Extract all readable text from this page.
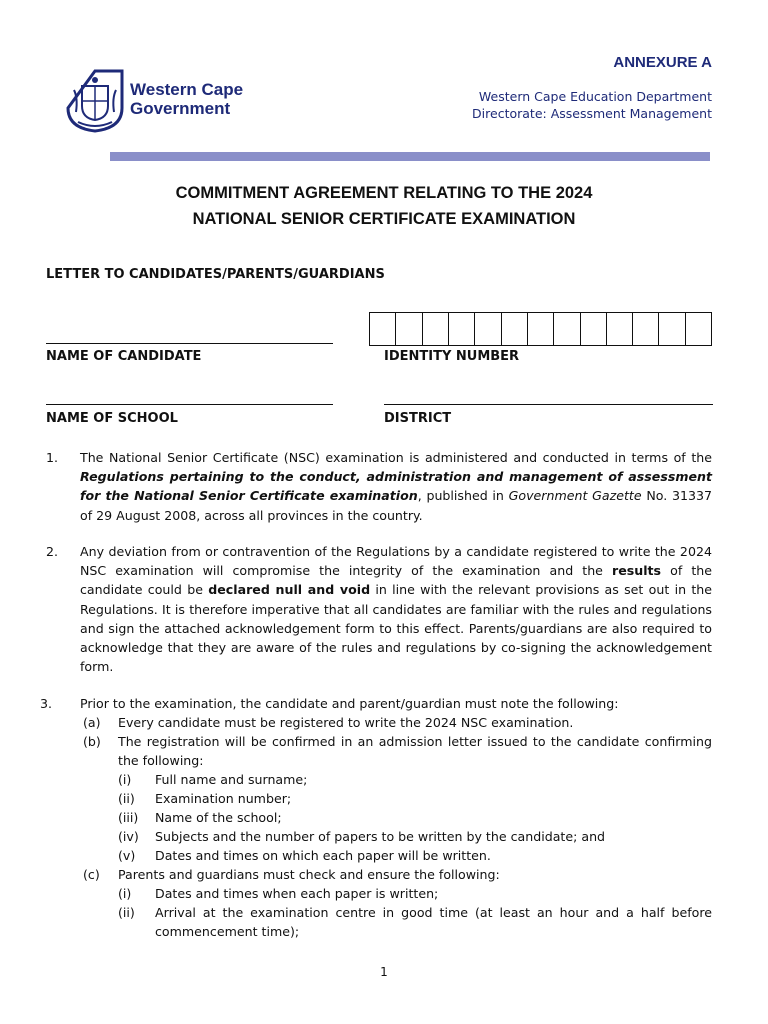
Western Cape
Government
ANNEXURE A
Western Cape Education Department
Directorate: Assessment Management
COMMITMENT AGREEMENT RELATING TO THE 2024
NATIONAL SENIOR CERTIFICATE EXAMINATION
LETTER TO CANDIDATES/PARENTS/GUARDIANS
NAME OF CANDIDATE	IDENTITY NUMBER
NAME OF SCHOOL	DISTRICT
1. The National Senior Certificate (NSC) examination is administered and conducted in terms of the Regulations pertaining to the conduct, administration and management of assessment for the National Senior Certificate examination, published in Government Gazette No. 31337 of 29 August 2008, across all provinces in the country.
2. Any deviation from or contravention of the Regulations by a candidate registered to write the 2024 NSC examination will compromise the integrity of the examination and the results of the candidate could be declared null and void in line with the relevant provisions as set out in the Regulations. It is therefore imperative that all candidates are familiar with the rules and regulations and sign the attached acknowledgement form to this effect. Parents/guardians are also required to acknowledge that they are aware of the rules and regulations by co-signing the acknowledgement form.
3. Prior to the examination, the candidate and parent/guardian must note the following:
(a) Every candidate must be registered to write the 2024 NSC examination.
(b) The registration will be confirmed in an admission letter issued to the candidate confirming the following:
(i) Full name and surname;
(ii) Examination number;
(iii) Name of the school;
(iv) Subjects and the number of papers to be written by the candidate; and
(v) Dates and times on which each paper will be written.
(c) Parents and guardians must check and ensure the following:
(i) Dates and times when each paper is written;
(ii) Arrival at the examination centre in good time (at least an hour and a half before commencement time);
1
